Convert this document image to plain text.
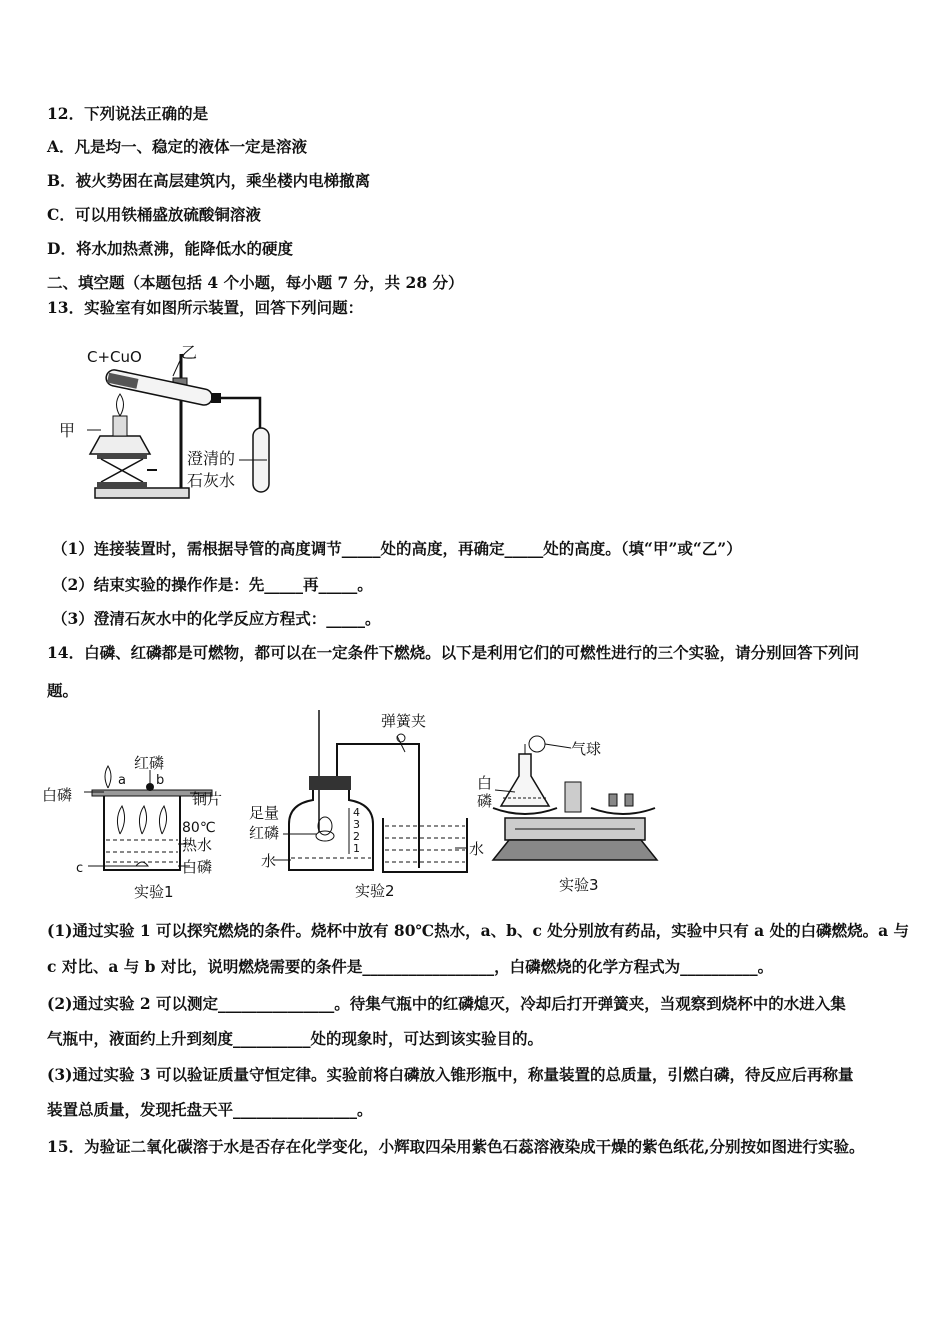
12．下列说法正确的是
A．凡是均一、稳定的液体一定是溶液
B．被火势困在高层建筑内，乘坐楼内电梯撤离
C．可以用铁桶盛放硫酸铜溶液
D．将水加热煮沸，能降低水的硬度
二、填空题（本题包括 4 个小题，每小题 7 分，共 28 分）
13．实验室有如图所示装置，回答下列问题：
C+CuO 乙
甲
澄清的
石灰水
（1）连接装置时，需根据导管的高度调节_____处的高度，再确定_____处的高度。（填“甲”或“乙”）
（2）结束实验的操作作是：先_____再_____。
（3）澄清石灰水中的化学反应方程式：_____。
14．白磷、红磷都是可燃物，都可以在一定条件下燃烧。以下是利用它们的可燃性进行的三个实验，请分别回答下列问
题。
红磷
白磷
a b
铜片
80℃
热水
c	白磷
实验1
弹簧夹
足量
红磷
水
水
4
3
2
1
实验2
气球
白
磷
实验3
(1)通过实验 1 可以探究燃烧的条件。烧杯中放有 80℃热水，a、b、c 处分别放有药品，实验中只有 a 处的白磷燃烧。a 与
c 对比、a 与 b 对比，说明燃烧需要的条件是_________________，白磷燃烧的化学方程式为__________。
(2)通过实验 2 可以测定_______________。待集气瓶中的红磷熄灭，冷却后打开弹簧夹，当观察到烧杯中的水进入集
气瓶中，液面约上升到刻度__________处的现象时，可达到该实验目的。
(3)通过实验 3 可以验证质量守恒定律。实验前将白磷放入锥形瓶中，称量装置的总质量，引燃白磷，待反应后再称量
装置总质量，发现托盘天平________________。
15．为验证二氧化碳溶于水是否存在化学变化，小辉取四朵用紫色石蕊溶液染成干燥的紫色纸花,分别按如图进行实验。
